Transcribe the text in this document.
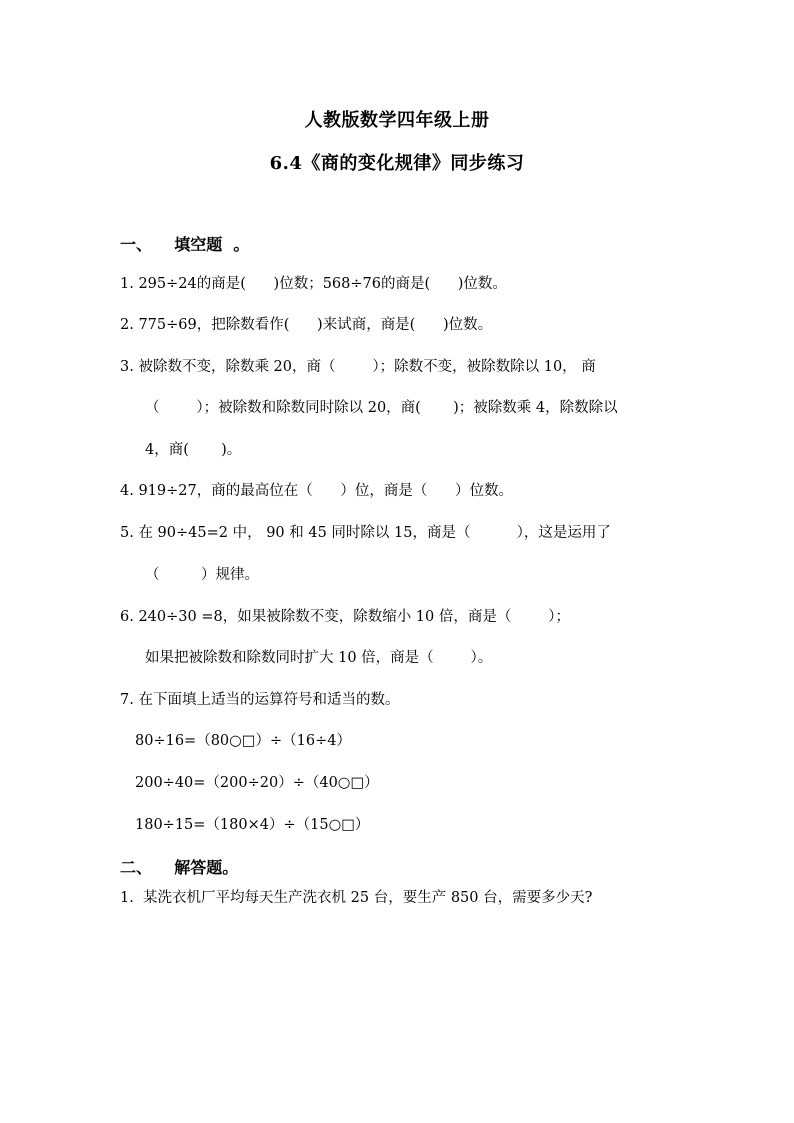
人教版数学四年级上册
6.4《商的变化规律》同步练习
一、    填空题  。
1. 295÷24的商是(      )位数；568÷76的商是(      )位数。
2. 775÷69，把除数看作(      )来试商，商是(      )位数。
3. 被除数不变，除数乘 20，商（        ）；除数不变，被除数除以 10， 商
（        ）；被除数和除数同时除以 20，商(       )；被除数乘 4，除数除以
4，商(       )。
4. 919÷27，商的最高位在（      ）位，商是（      ）位数。
5. 在 90÷45=2 中， 90 和 45 同时除以 15，商是（          ），这是运用了
（         ）规律。
6. 240÷30 =8，如果被除数不变，除数缩小 10 倍，商是（        ）；
如果把被除数和除数同时扩大 10 倍，商是（        ）。
7. 在下面填上适当的运算符号和适当的数。
80÷16=（80○□）÷（16÷4）
200÷40=（200÷20）÷（40○□）
180÷15=（180×4）÷（15○□）
二、    解答题。
1.  某洗衣机厂平均每天生产洗衣机 25 台，要生产 850 台，需要多少天?
